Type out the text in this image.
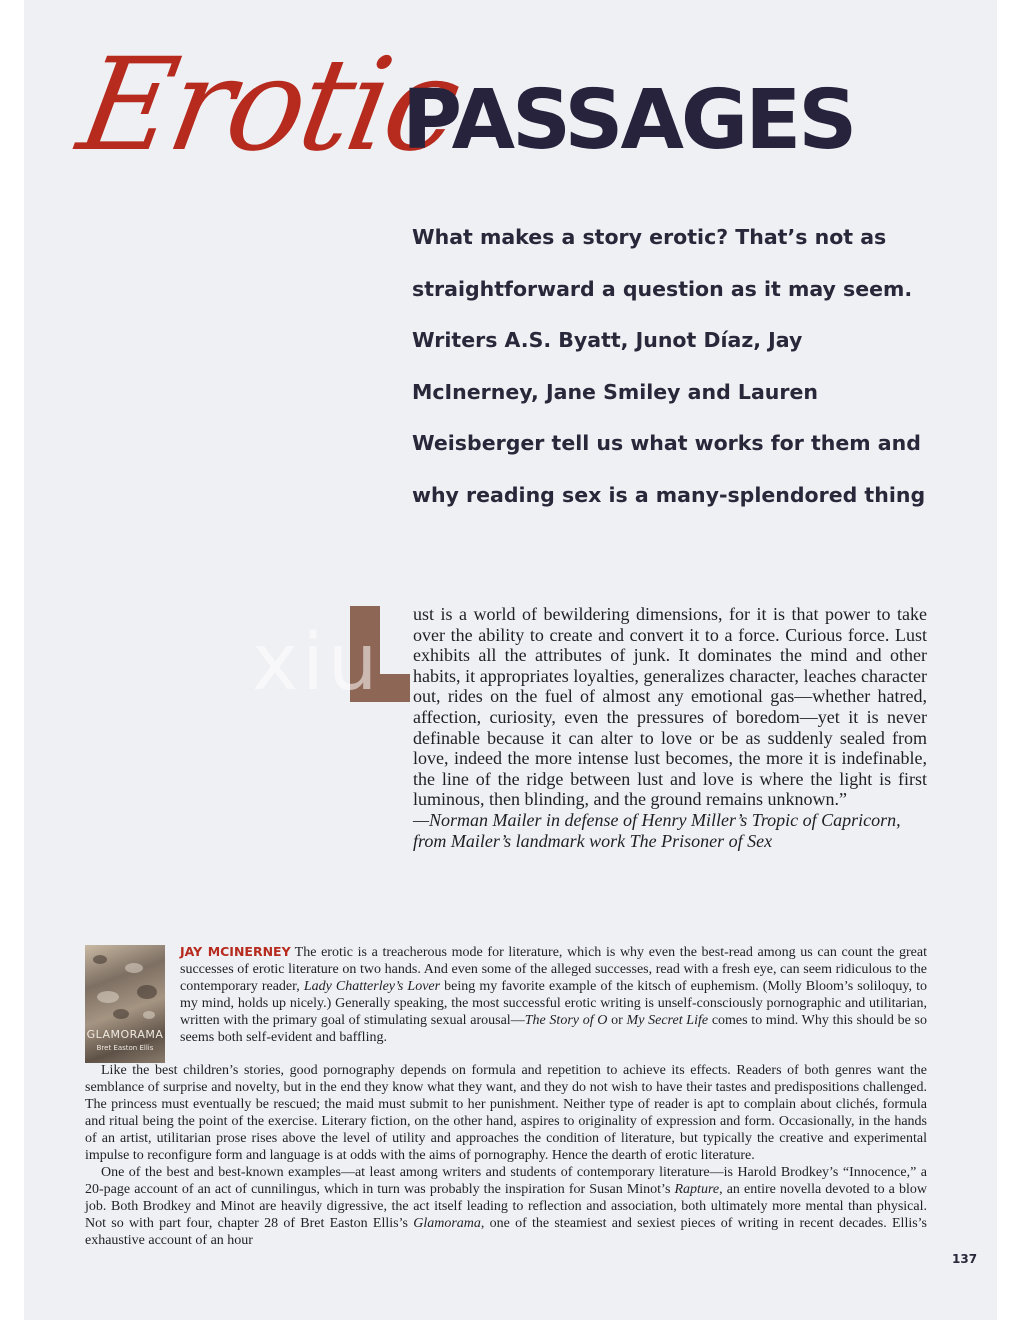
Erotic
PASSAGES
What makes a story erotic? That’s not as straightforward a question as it may seem. Writers A.S. Byatt, Junot Díaz, Jay McInerney, Jane Smiley and Lauren Weisberger tell us what works for them and why reading sex is a many-splendored thing

ust is a world of bewildering dimensions, for it is that power to take over the ability to create and convert it to a force. Curious force. Lust exhibits all the attributes of junk. It dominates the mind and other habits, it appropriates loyalties, generalizes character, leaches character out, rides on the fuel of almost any emotional gas—whether hatred, affection, curiosity, even the pressures of boredom—yet it is never definable because it can alter to love or be as suddenly sealed from love, indeed the more intense lust becomes, the more it is indefinable, the line of the ridge between lust and love is where the light is first luminous, then blinding, and the ground remains unknown.”

—Norman Mailer in defense of Henry Miller’s Tropic of Capricorn,

from Mailer’s landmark work The Prisoner of Sex

xiu
GLAMORAMA
Bret Easton Ellis

JAY MCINERNEY The erotic is a treacherous mode for literature, which is why even the best-read among us can count the great successes of erotic literature on two hands. And even some of the alleged successes, read with a fresh eye, can seem ridiculous to the contemporary reader, Lady Chatterley’s Lover being my favorite example of the kitsch of euphemism. (Molly Bloom’s soliloquy, to my mind, holds up nicely.) Generally speaking, the most successful erotic writing is unself-consciously pornographic and utilitarian, written with the primary goal of stimulating sexual arousal—The Story of O or My Secret Life comes to mind. Why this should be so seems both self-evident and baffling.

Like the best children’s stories, good pornography depends on formula and repetition to achieve its effects. Readers of both genres want the semblance of surprise and novelty, but in the end they know what they want, and they do not wish to have their tastes and predispositions challenged. The princess must eventually be rescued; the maid must submit to her punishment. Neither type of reader is apt to complain about clichés, formula and ritual being the point of the exercise. Literary fiction, on the other hand, aspires to originality of expression and form. Occasionally, in the hands of an artist, utilitarian prose rises above the level of utility and approaches the condition of literature, but typically the creative and experimental impulse to reconfigure form and language is at odds with the aims of pornography. Hence the dearth of erotic literature.

One of the best and best-known examples—at least among writers and students of contemporary literature—is Harold Brodkey’s “Innocence,” a 20-page account of an act of cunnilingus, which in turn was probably the inspiration for Susan Minot’s Rapture, an entire novella devoted to a blow job. Both Brodkey and Minot are heavily digressive, the act itself leading to reflection and association, both ultimately more mental than physical. Not so with part four, chapter 28 of Bret Easton Ellis’s Glamorama, one of the steamiest and sexiest pieces of writing in recent decades. Ellis’s exhaustive account of an hour

137
